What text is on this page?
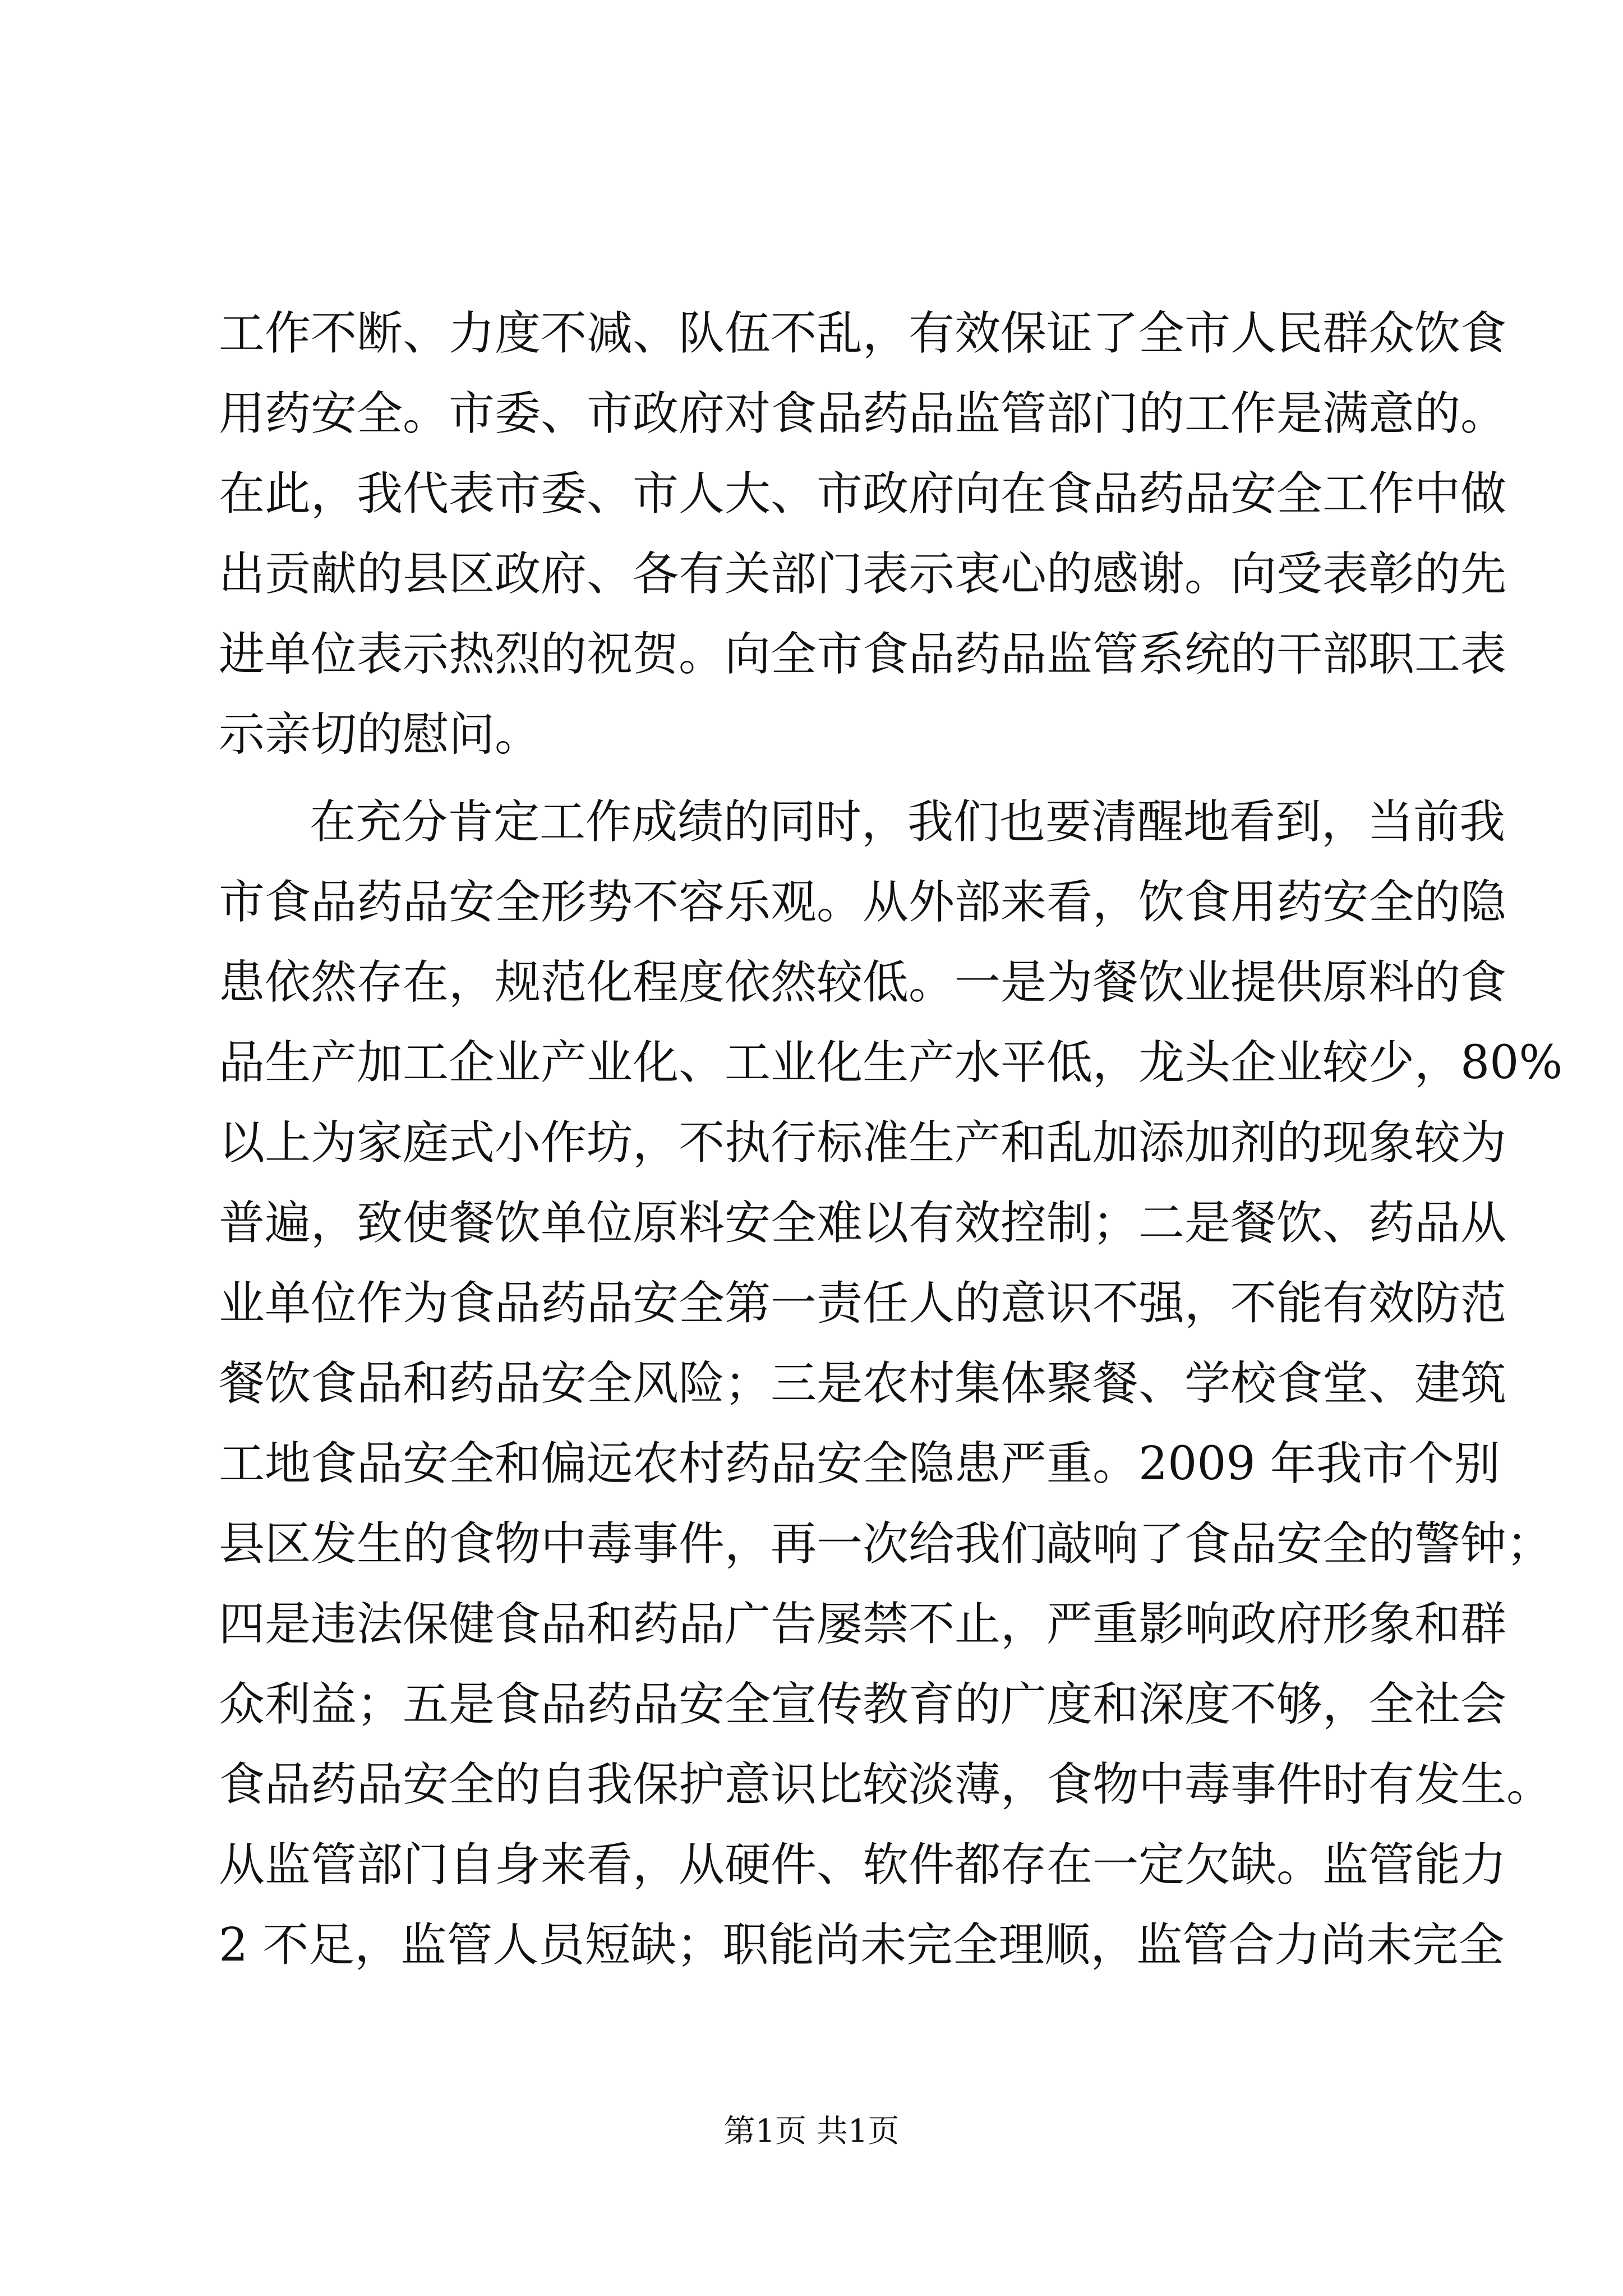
工作不断、力度不减、队伍不乱，有效保证了全市人民群众饮食
用药安全。市委、市政府对食品药品监管部门的工作是满意的。
在此，我代表市委、市人大、市政府向在食品药品安全工作中做
出贡献的县区政府、各有关部门表示衷心的感谢。向受表彰的先
进单位表示热烈的祝贺。向全市食品药品监管系统的干部职工表
示亲切的慰问。
在充分肯定工作成绩的同时，我们也要清醒地看到，当前我
市食品药品安全形势不容乐观。从外部来看，饮食用药安全的隐
患依然存在，规范化程度依然较低。一是为餐饮业提供原料的食
品生产加工企业产业化、工业化生产水平低，龙头企业较少，80%
以上为家庭式小作坊，不执行标准生产和乱加添加剂的现象较为
普遍，致使餐饮单位原料安全难以有效控制；二是餐饮、药品从
业单位作为食品药品安全第一责任人的意识不强，不能有效防范
餐饮食品和药品安全风险；三是农村集体聚餐、学校食堂、建筑
工地食品安全和偏远农村药品安全隐患严重。2009 年我市个别
县区发生的食物中毒事件，再一次给我们敲响了食品安全的警钟；
四是违法保健食品和药品广告屡禁不止，严重影响政府形象和群
众利益；五是食品药品安全宣传教育的广度和深度不够，全社会
食品药品安全的自我保护意识比较淡薄，食物中毒事件时有发生。
从监管部门自身来看，从硬件、软件都存在一定欠缺。监管能力
2 不足，监管人员短缺；职能尚未完全理顺，监管合力尚未完全
第1页 共1页
